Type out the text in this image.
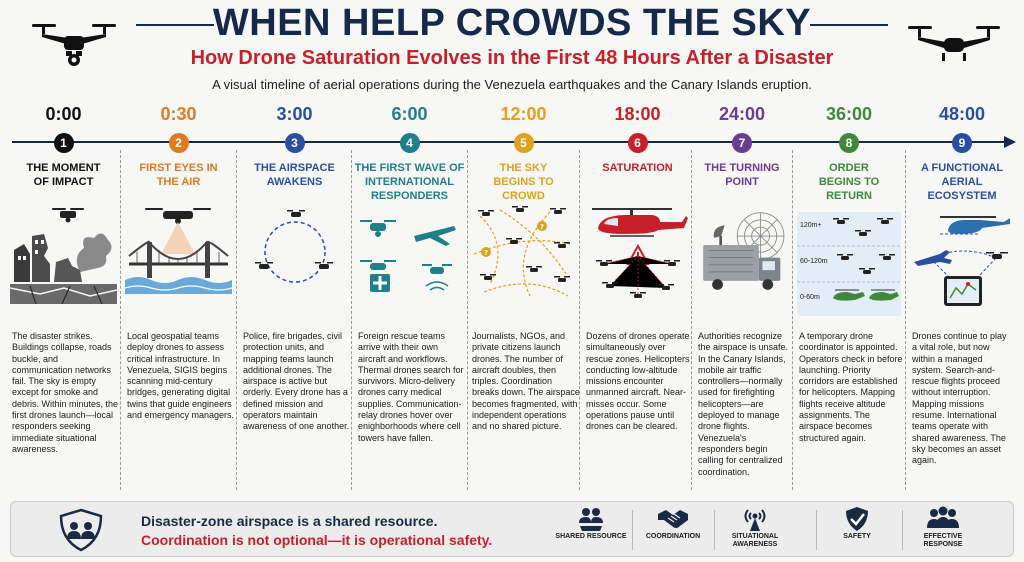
WHEN HELP CROWDS THE SKY
How Drone Saturation Evolves in the First 48 Hours After a Disaster
A visual timeline of aerial operations during the Venezuela earthquakes and the Canary Islands eruption.
0:00
1
THE MOMENT OF IMPACT
The disaster strikes. Buildings collapse, roads buckle, and communication networks fail. The sky is empty except for smoke and debris. Within minutes, the first drones launch—local responders seeking immediate situational awareness.
0:30
2
FIRST EYES IN THE AIR
Local geospatial teams deploy drones to assess critical infrastructure. In Venezuela, SIGIS begins scanning mid-century bridges, generating digital twins that guide engineers and emergency managers.
3:00
3
THE AIRSPACE AWAKENS
Police, fire brigades, civil protection units, and mapping teams launch additional drones. The airspace is active but orderly. Every drone has a defined mission and operators maintain awareness of one another.
6:00
4
THE FIRST WAVE OF INTERNATIONAL RESPONDERS
Foreign rescue teams arrive with their own aircraft and workflows. Thermal drones search for survivors. Micro-delivery drones carry medical supplies. Communication-relay drones hover over enighborhoods where cell towers have fallen.
12:00
5
THE SKY BEGINS TO CROWD
?
?
Journalists, NGOs, and private citizens launch drones. The number of aircraft doubles, then triples. Coordination breaks down. The airspace becomes fragmented, with independent operations and no shared picture.
18:00
6
SATURATION
Dozens of drones operate simultaneously over rescue zones. Helicopters conducting low-altitude missions encounter unmanned aircraft. Near-misses occur. Some operations pause until drones can be cleared.
24:00
7
THE TURNING POINT
Authorities recognize the airspace is unsafe. In the Canary Islands, mobile air traffic controllers—normally used for firefighting helicopters—are deployed to manage drone flights. Venezuela's responders begin calling for centralized coordination.
36:00
8
ORDER BEGINS TO RETURN
120m+
60-120m
0-60m
A temporary drone coordinator is appointed. Operators check in before launching. Priority corridors are established for helicopters. Mapping flights receive altitude assignments. The airspace becomes structured again.
48:00
9
A FUNCTIONAL AERIAL ECOSYSTEM
Drones continue to play a vital role, but now within a managed system. Search-and-rescue flights proceed without interruption. Mapping missions resume. International teams operate with shared awareness. The sky becomes an asset again.
Disaster-zone airspace is a shared resource.
Coordination is not optional—it is operational safety.	SHARED RESOURCE	COORDINATION	SITUATIONAL AWARENESS
SAFETY	EFFECTIVE RESPONSE
